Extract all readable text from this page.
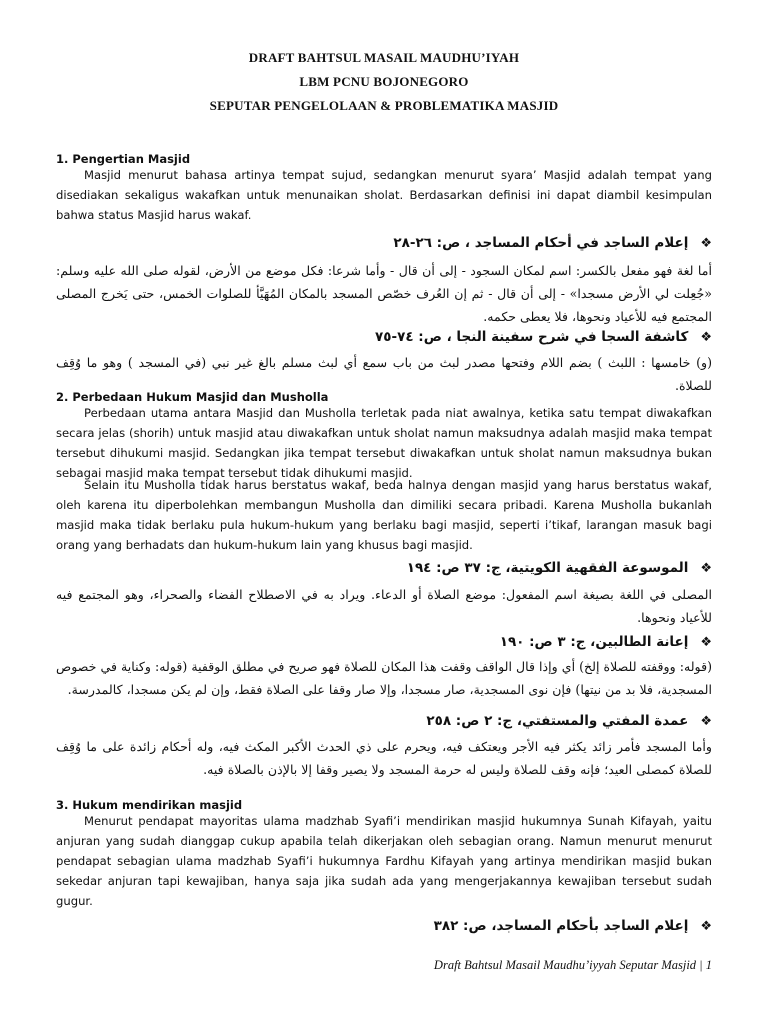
DRAFT BAHTSUL MASAIL MAUDHU’IYAH
LBM PCNU BOJONEGORO
SEPUTAR PENGELOLAAN & PROBLEMATIKA MASJID
1. Pengertian Masjid
Masjid menurut bahasa artinya tempat sujud, sedangkan menurut syara’ Masjid adalah tempat yang disediakan sekaligus wakafkan untuk menunaikan sholat. Berdasarkan definisi ini dapat diambil kesimpulan bahwa status Masjid harus wakaf.
❖إعلام الساجد في أحكام المساجد ، ص: ٢٦-٢٨
أما لغة فهو مفعل بالكسر: اسم لمكان السجود - إلى أن قال - وأما شرعا: فكل موضع من الأرض، لقوله صلى الله عليه وسلم: «جُعِلت لي الأرض مسجدا» - إلى أن قال - ثم إن العُرف خصّص المسجد بالمكان المُهَيَّأ للصلوات الخمس، حتى يَخرج المصلى المجتمع فيه للأعياد ونحوها، فلا يعطى حكمه.
❖كاشفة السجا في شرح سفينة النجا ، ص: ٧٤-٧٥
(و) خامسها : اللبث ) بضم اللام وفتحها مصدر لبث من باب سمع أي لبث مسلم بالغ غير نبي (في المسجد ) وهو ما وُقِف للصلاة.
2. Perbedaan Hukum Masjid dan Musholla
Perbedaan utama antara Masjid dan Musholla terletak pada niat awalnya, ketika satu tempat diwakafkan secara jelas (shorih) untuk masjid atau diwakafkan untuk sholat namun maksudnya adalah masjid maka tempat tersebut dihukumi masjid. Sedangkan jika tempat tersebut diwakafkan untuk sholat namun maksudnya bukan sebagai masjid maka tempat tersebut tidak dihukumi masjid.
Selain itu Musholla tidak harus berstatus wakaf, beda halnya dengan masjid yang harus berstatus wakaf, oleh karena itu diperbolehkan membangun Musholla dan dimiliki secara pribadi. Karena Musholla bukanlah masjid maka tidak berlaku pula hukum-hukum yang berlaku bagi masjid, seperti i’tikaf, larangan masuk bagi orang yang berhadats dan hukum-hukum lain yang khusus bagi masjid.
❖الموسوعة الفقهية الكويتية، ج: ٣٧ ص: ١٩٤
المصلى في اللغة بصيغة اسم المفعول: موضع الصلاة أو الدعاء. ويراد به في الاصطلاح الفضاء والصحراء، وهو المجتمع فيه للأعياد ونحوها.
❖إعانة الطالبين، ج: ٣ ص: ١٩٠
(قوله: ووقفته للصلاة إلخ) أي وإذا قال الواقف وقفت هذا المكان للصلاة فهو صريح في مطلق الوقفية (قوله: وكناية في خصوص المسجدية، فلا بد من نيتها) فإن نوى المسجدية، صار مسجدا، وإلا صار وقفا على الصلاة فقط، وإن لم يكن مسجدا، كالمدرسة.
❖عمدة المفتي والمستفتي، ج: ٢ ص: ٢٥٨
وأما المسجد فأمر زائد يكثر فيه الأجر ويعتكف فيه، ويحرم على ذي الحدث الأكبر المكث فيه، وله أحكام زائدة على ما وُقِف للصلاة كمصلى العيد؛ فإنه وقف للصلاة وليس له حرمة المسجد ولا يصير وقفا إلا بالإذن بالصلاة فيه.
3. Hukum mendirikan masjid
Menurut pendapat mayoritas ulama madzhab Syafi’i mendirikan masjid hukumnya Sunah Kifayah, yaitu anjuran yang sudah dianggap cukup apabila telah dikerjakan oleh sebagian orang. Namun menurut menurut pendapat sebagian ulama madzhab Syafi’i hukumnya Fardhu Kifayah yang artinya mendirikan masjid bukan sekedar anjuran tapi kewajiban, hanya saja jika sudah ada yang mengerjakannya kewajiban tersebut sudah gugur.
❖إعلام الساجد بأحكام المساجد، ص: ٣٨٢
Draft Bahtsul Masail Maudhu’iyyah Seputar Masjid | 1
